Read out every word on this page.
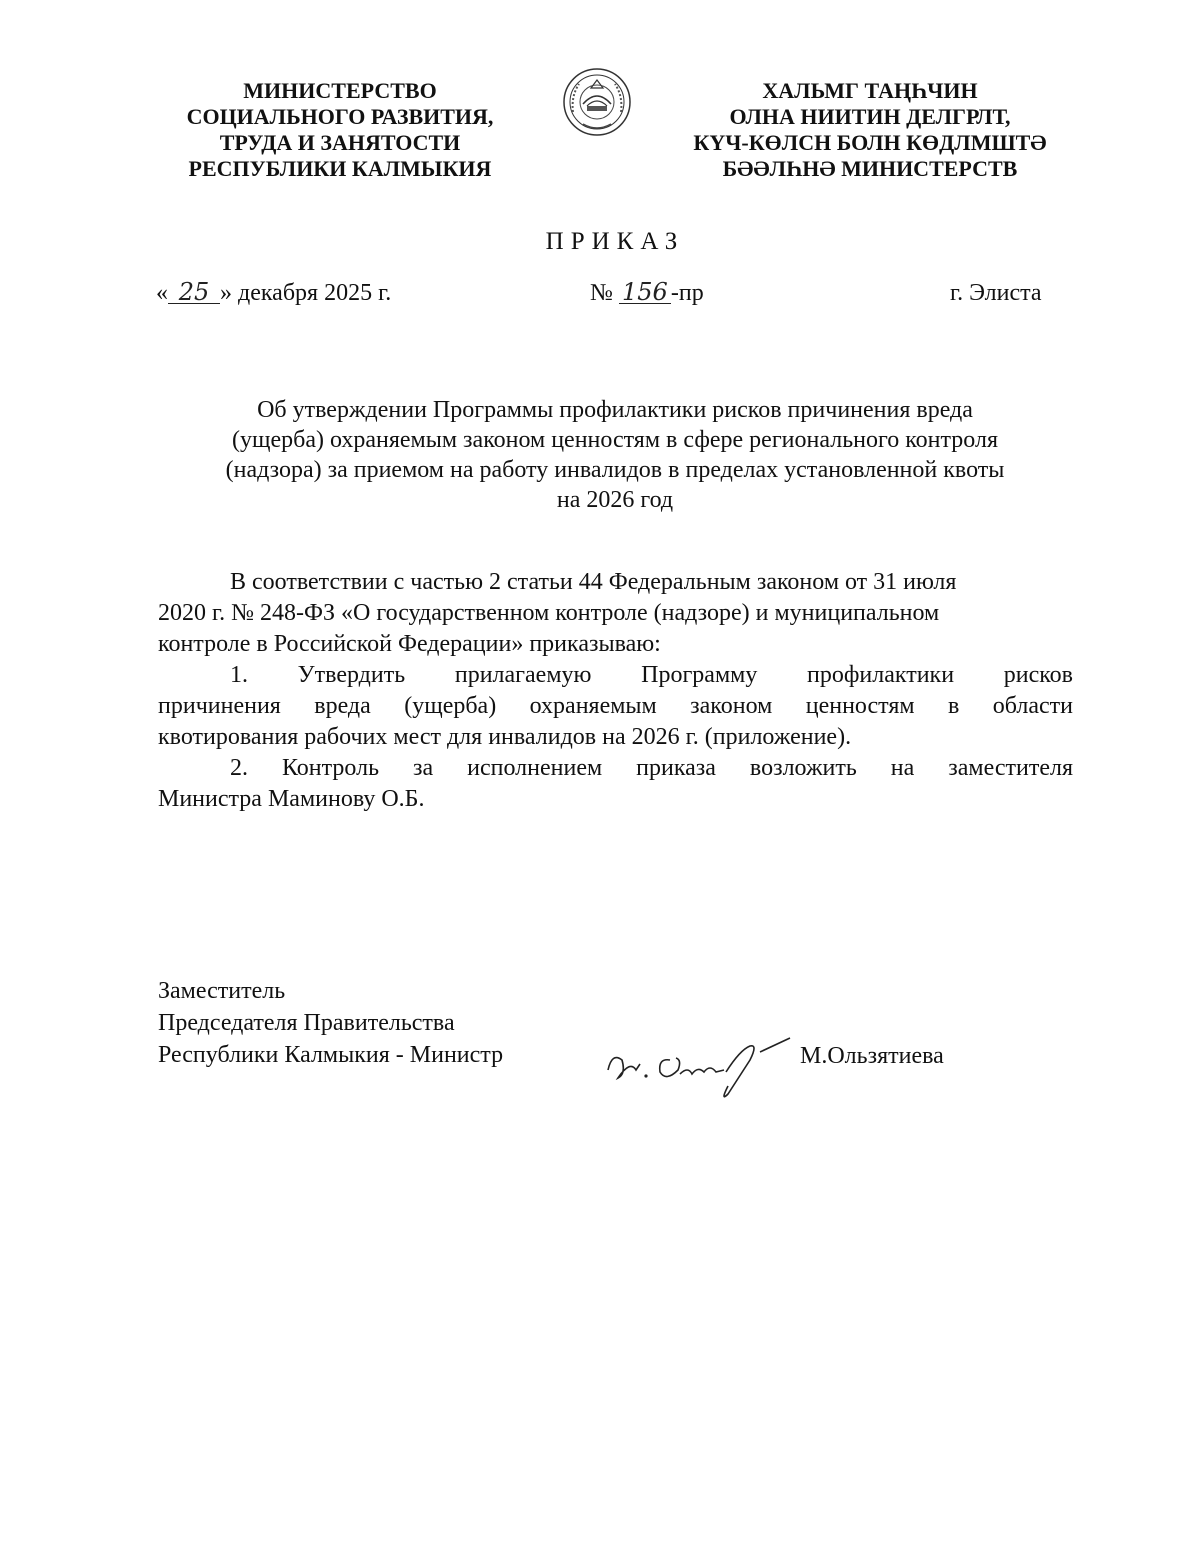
МИНИСТЕРСТВО
СОЦИАЛЬНОГО РАЗВИТИЯ,
ТРУДА И ЗАНЯТОСТИ
РЕСПУБЛИКИ КАЛМЫКИЯ
ХАЛЬМГ ТАҢҺЧИН
ОЛНА НИИТИН ДЕЛГРЛТ,
КҮЧ-КӨЛСН БОЛН КӨДЛМШТӘ
БӘӘЛҺНӘ МИНИСТЕРСТВ
ПРИКАЗ
« 25 » декабря 2025 г.	№ 156 -пр	г. Элиста
Об утверждении Программы профилактики рисков причинения вреда
(ущерба) охраняемым законом ценностям в сфере регионального контроля
(надзора) за приемом на работу инвалидов в пределах установленной квоты
на 2026 год
В соответствии с частью 2 статьи 44 Федеральным законом от 31 июля
2020 г. № 248-ФЗ «О государственном контроле (надзоре) и муниципальном
контроле в Российской Федерации» приказываю:
1. Утвердить прилагаемую Программу профилактики рисков
причинения вреда (ущерба) охраняемым законом ценностям в области
квотирования рабочих мест для инвалидов на 2026 г. (приложение).
2. Контроль за исполнением приказа возложить на заместителя
Министра Маминову О.Б.
Заместитель
Председателя Правительства
Республики Калмыкия - Министр	М.Ользятиева
